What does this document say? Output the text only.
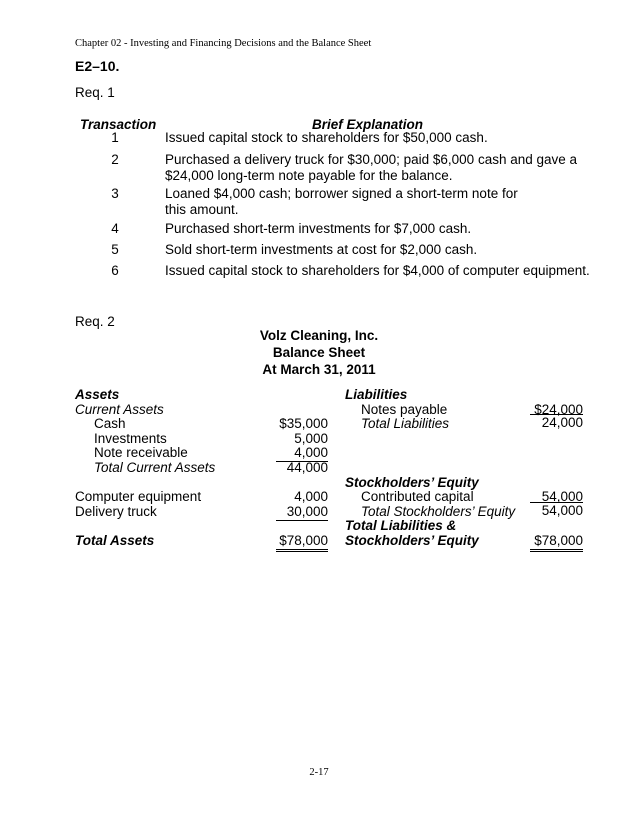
Chapter 02 - Investing and Financing Decisions and the Balance Sheet
E2–10.
Req. 1
Transaction	Brief Explanation
1	Issued capital stock to shareholders for $50,000 cash.
2	Purchased a delivery truck for $30,000; paid $6,000 cash and gave a $24,000 long-term note payable for the balance.
3	Loaned $4,000 cash; borrower signed a short-term note for this amount.
4	Purchased short-term investments for $7,000 cash.
5	Sold short-term investments at cost for $2,000 cash.
6	Issued capital stock to shareholders for $4,000 of computer equipment.
Req. 2
Volz Cleaning, Inc.
Balance Sheet
At March 31, 2011
Assets
Current Assets
Cash	$35,000
Investments	5,000
Note receivable	4,000
Total Current Assets	44,000
Computer equipment	4,000
Delivery truck	30,000
Total Assets	$78,000
Liabilities
Notes payable	$24,000
Total Liabilities	24,000
Stockholders’ Equity
Contributed capital	54,000
Total Stockholders’ Equity	54,000
Total Liabilities &
Stockholders’ Equity	$78,000
2-17
